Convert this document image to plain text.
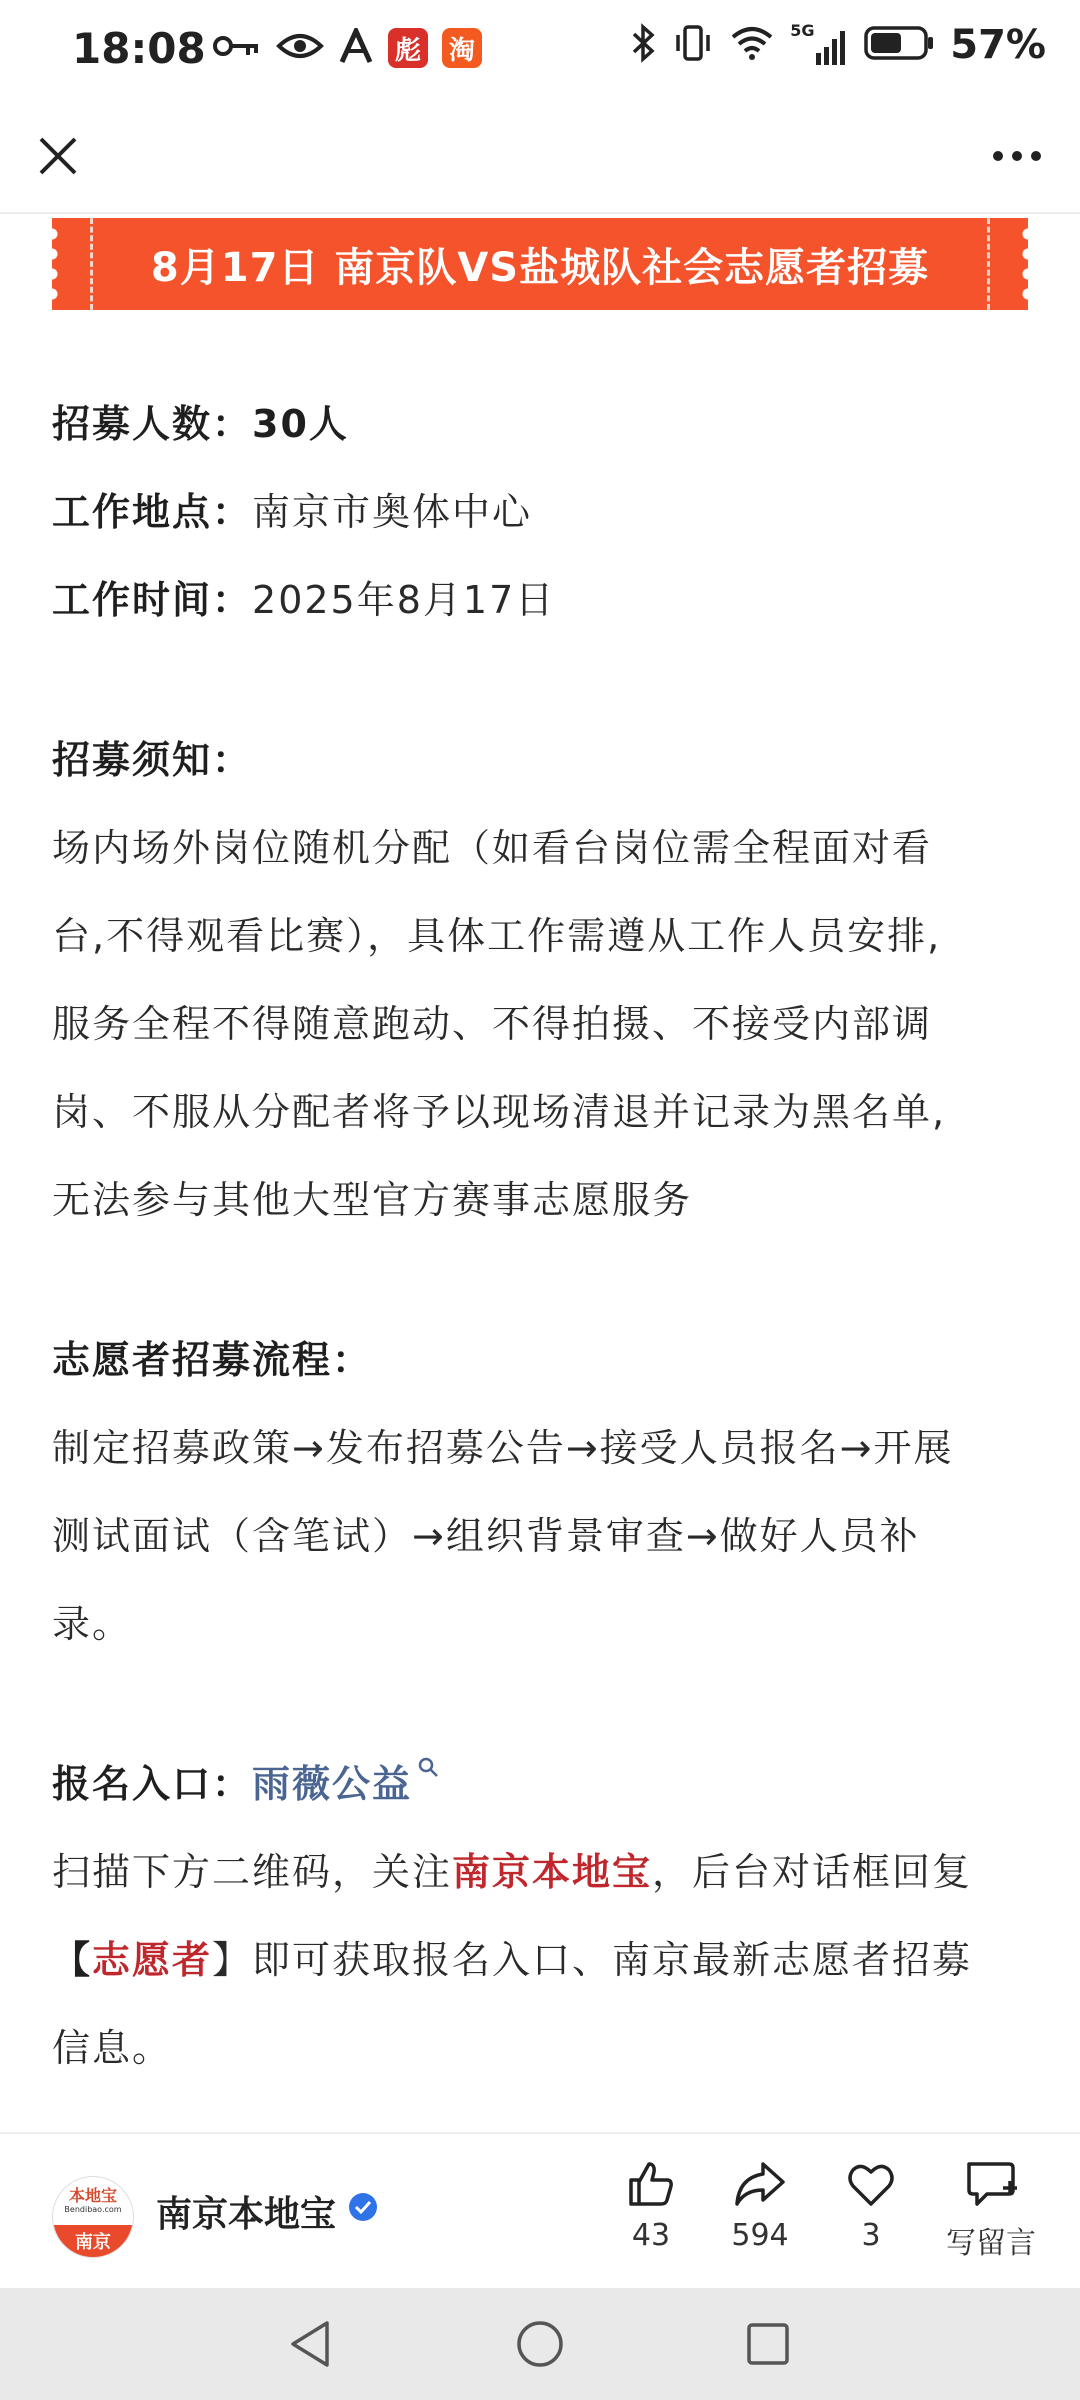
18:08	彪 淘
5G	57%
8月17日 南京队VS盐城队社会志愿者招募
招募人数：30人
工作地点：南京市奥体中心
工作时间：2025年8月17日
招募须知：
场内场外岗位随机分配（如看台岗位需全程面对看
台,不得观看比赛），具体工作需遵从工作人员安排,
服务全程不得随意跑动、不得拍摄、不接受内部调
岗、不服从分配者将予以现场清退并记录为黑名单,
无法参与其他大型官方赛事志愿服务
志愿者招募流程：
制定招募政策→发布招募公告→接受人员报名→开展
测试面试（含笔试）→组织背景审查→做好人员补
录。
报名入口：雨薇公益
扫描下方二维码，关注南京本地宝，后台对话框回复
【志愿者】即可获取报名入口、南京最新志愿者招募
信息。
本地宝
Bendibao.com
南京
南京本地宝
43 594 3 写留言
